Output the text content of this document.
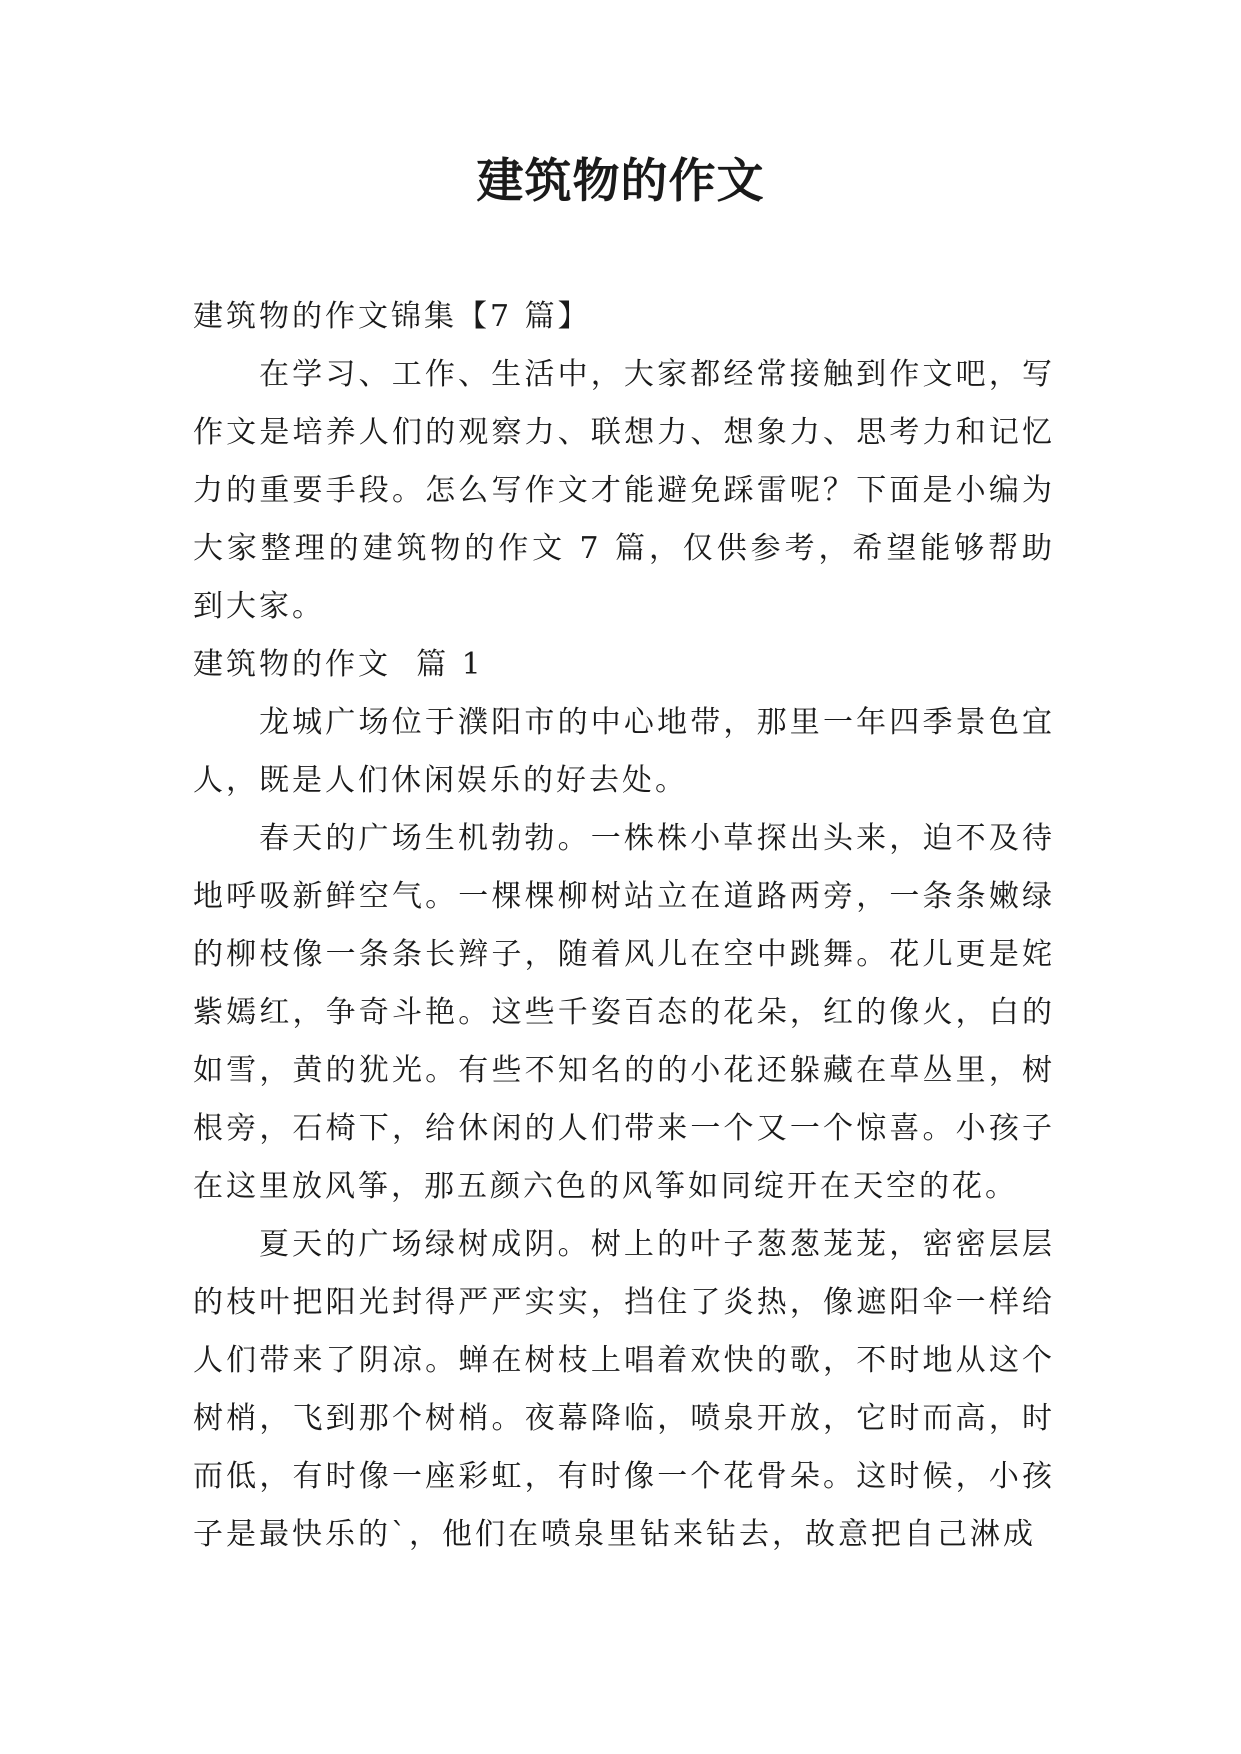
建筑物的作文

建筑物的作文锦集【7 篇】

在学习、工作、生活中，大家都经常接触到作文吧，写作文是培养人们的观察力、联想力、想象力、思考力和记忆力的重要手段。怎么写作文才能避免踩雷呢？下面是小编为大家整理的建筑物的作文 7 篇，仅供参考，希望能够帮助到大家。

建筑物的作文  篇 1

龙城广场位于濮阳市的中心地带，那里一年四季景色宜人，既是人们休闲娱乐的好去处。

春天的广场生机勃勃。一株株小草探出头来，迫不及待地呼吸新鲜空气。一棵棵柳树站立在道路两旁，一条条嫩绿的柳枝像一条条长辫子，随着风儿在空中跳舞。花儿更是姹紫嫣红，争奇斗艳。这些千姿百态的花朵，红的像火，白的如雪，黄的犹光。有些不知名的的小花还躲藏在草丛里，树根旁，石椅下，给休闲的人们带来一个又一个惊喜。小孩子在这里放风筝，那五颜六色的风筝如同绽开在天空的花。

夏天的广场绿树成阴。树上的叶子葱葱茏茏，密密层层的枝叶把阳光封得严严实实，挡住了炎热，像遮阳伞一样给人们带来了阴凉。蝉在树枝上唱着欢快的歌，不时地从这个树梢，飞到那个树梢。夜幕降临，喷泉开放，它时而高，时而低，有时像一座彩虹，有时像一个花骨朵。这时候，小孩子是最快乐的`，他们在喷泉里钻来钻去，故意把自己淋成
